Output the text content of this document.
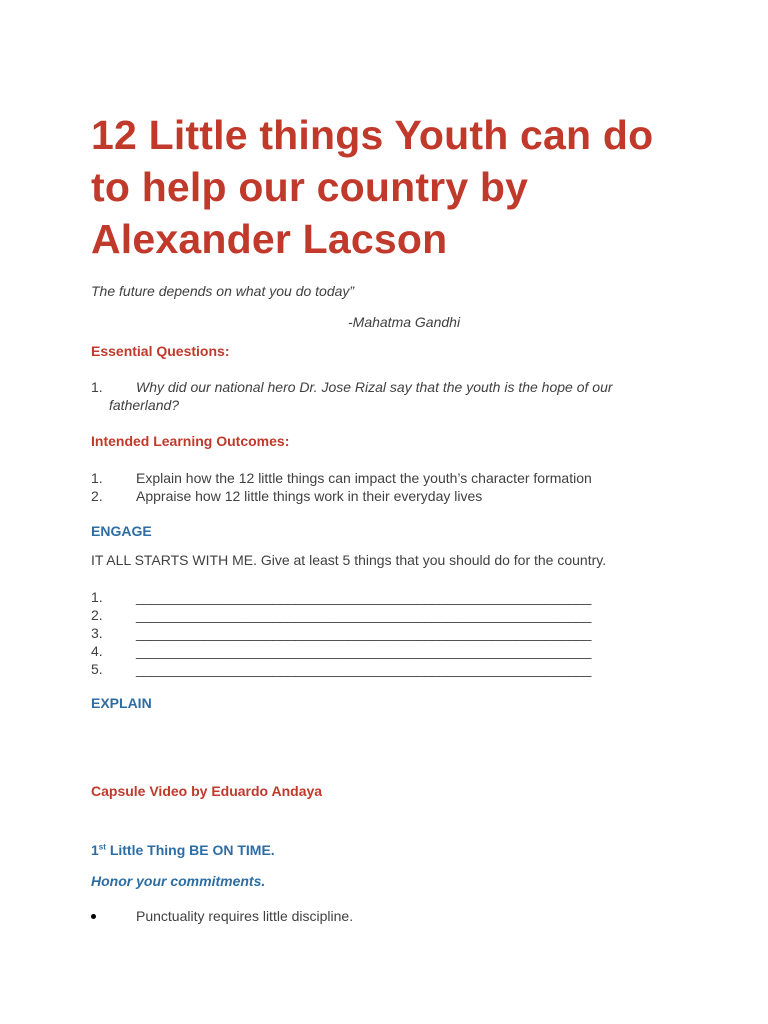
12 Little things Youth can do to help our country by Alexander Lacson

The future depends on what you do today”

-Mahatma Gandhi

Essential Questions:

1. Why did our national hero Dr. Jose Rizal say that the youth is the hope of our
fatherland?

Intended Learning Outcomes:

1. Explain how the 12 little things can impact the youth’s character formation
2. Appraise how 12 little things work in their everyday lives

ENGAGE

IT ALL STARTS WITH ME. Give at least 5 things that you should do for the country.

1. ____________________________________________________________
2. ____________________________________________________________
3. ____________________________________________________________
4. ____________________________________________________________
5. ____________________________________________________________

EXPLAIN

Capsule Video by Eduardo Andaya

1st Little Thing BE ON TIME.

Honor your commitments.

Punctuality requires little discipline.
